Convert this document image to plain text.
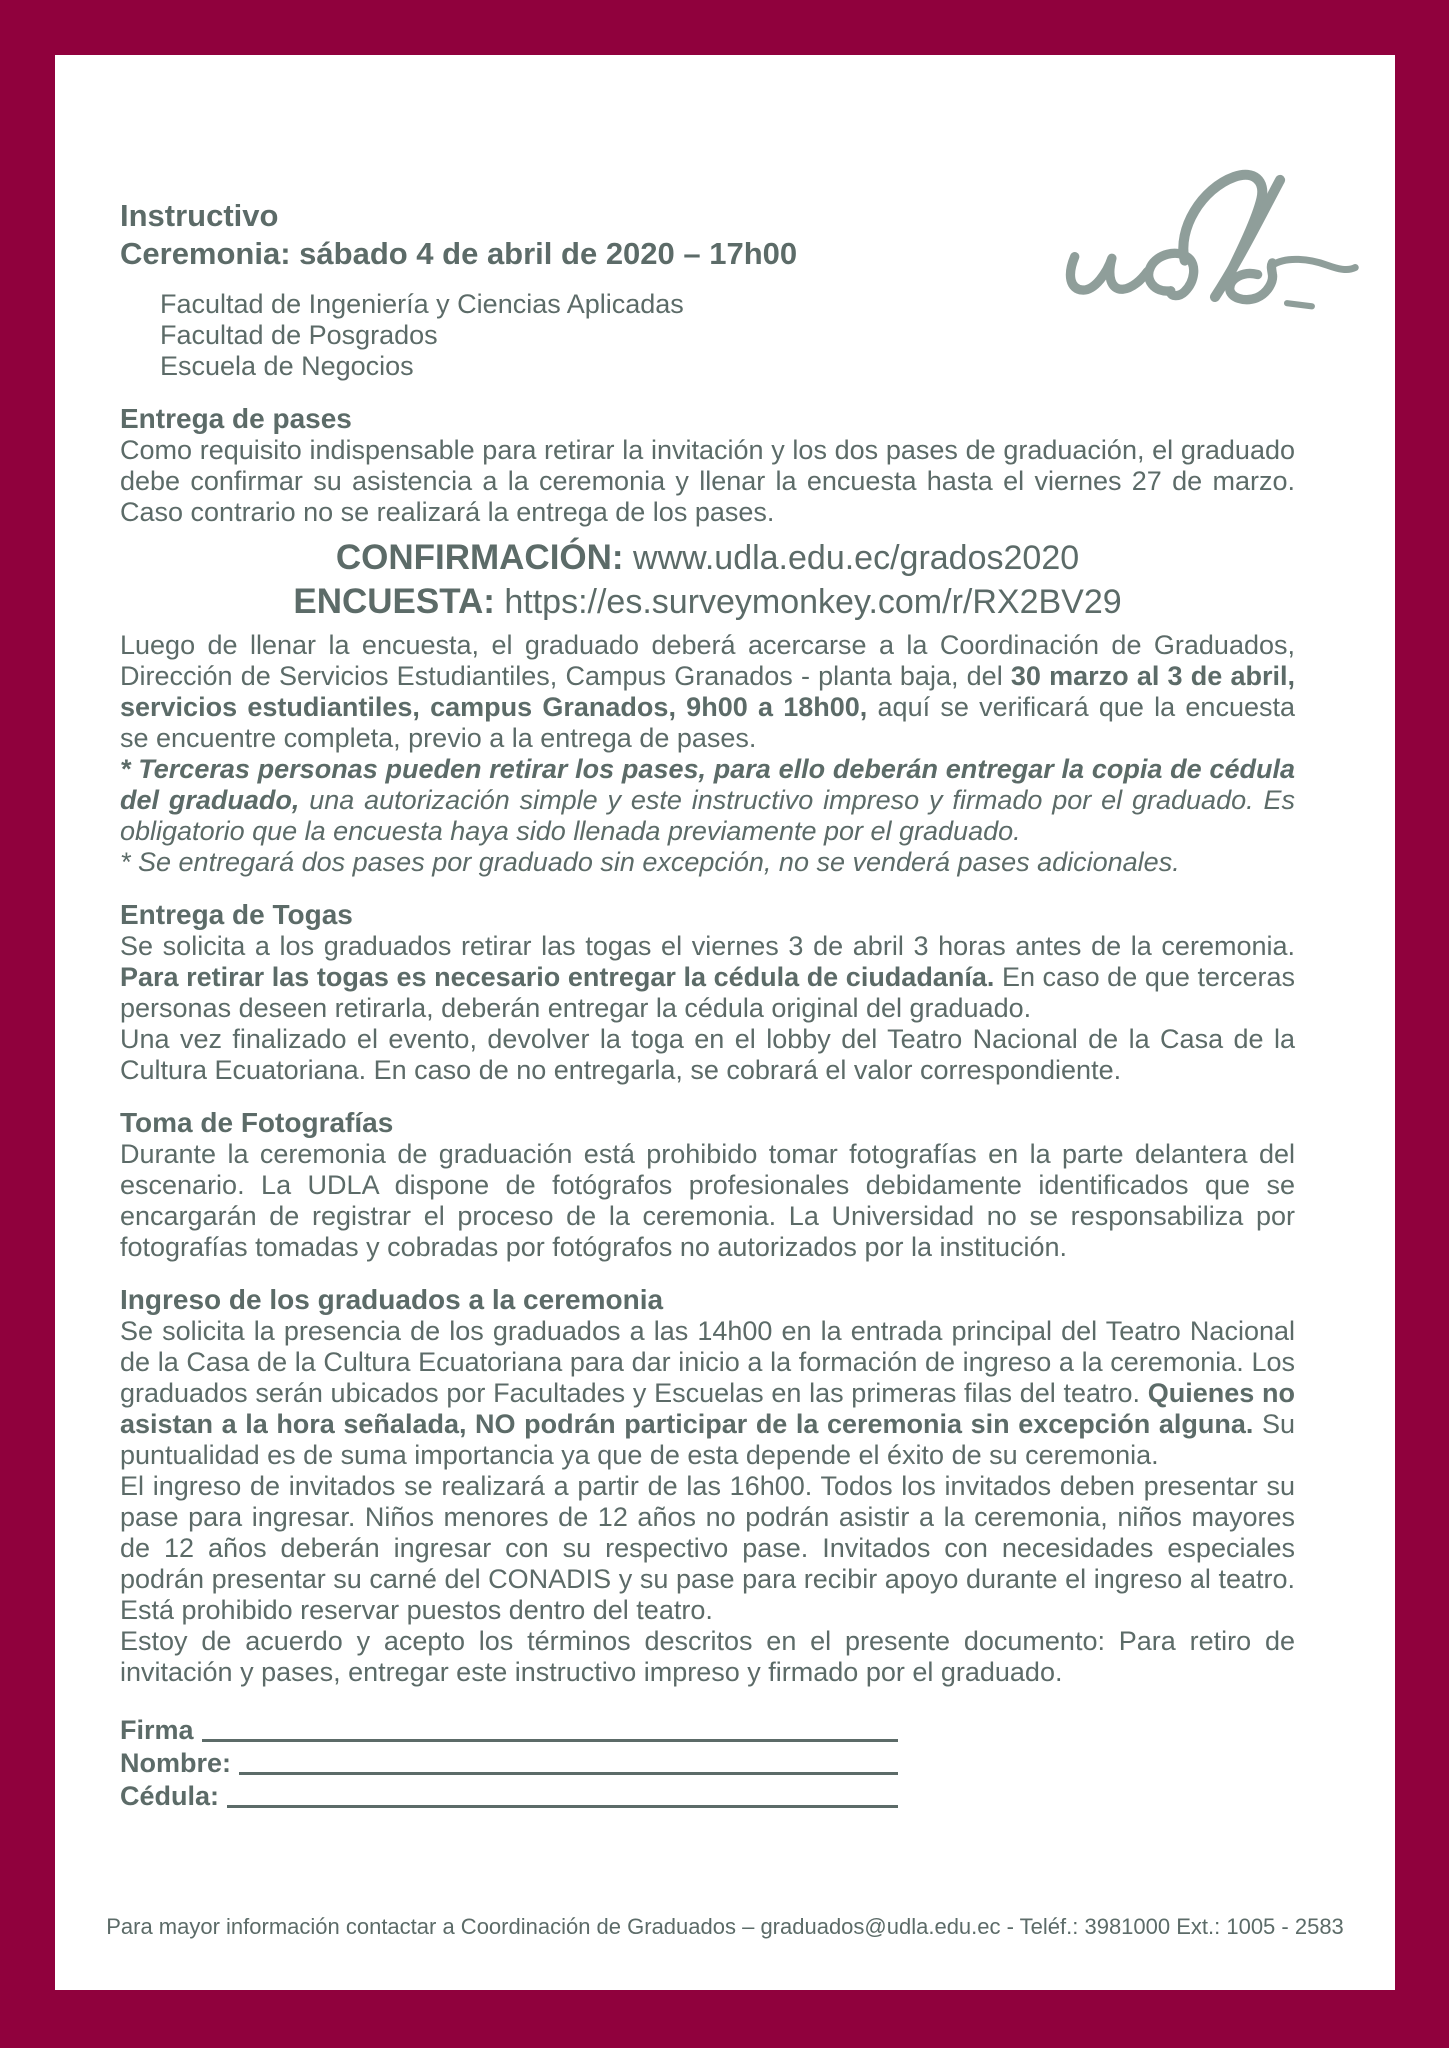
Instructivo
Ceremonia: sábado 4 de abril de 2020 – 17h00
Facultad de Ingeniería y Ciencias Aplicadas
Facultad de Posgrados
Escuela de Negocios
Entrega de pases

Como requisito indispensable para retirar la invitación y los dos pases de graduación, el graduado debe confirmar su asistencia a la ceremonia y llenar la encuesta hasta el viernes 27 de marzo. Caso contrario no se realizará la entrega de los pases.

CONFIRMACIÓN: www.udla.edu.ec/grados2020
ENCUESTA: https://es.surveymonkey.com/r/RX2BV29

Luego de llenar la encuesta, el graduado deberá acercarse a la Coordinación de Graduados, Dirección de Servicios Estudiantiles, Campus Granados - planta baja, del 30 marzo al 3 de abril, servicios estudiantiles, campus Granados, 9h00 a 18h00, aquí se verificará que la encuesta se encuentre completa, previo a la entrega de pases.

* Terceras personas pueden retirar los pases, para ello deberán entregar la copia de cédula del graduado, una autorización simple y este instructivo impreso y firmado por el graduado. Es obligatorio que la encuesta haya sido llenada previamente por el graduado.

* Se entregará dos pases por graduado sin excepción, no se venderá pases adicionales.

Entrega de Togas

Se solicita a los graduados retirar las togas el viernes 3 de abril 3 horas antes de la ceremonia. Para retirar las togas es necesario entregar la cédula de ciudadanía. En caso de que terceras personas deseen retirarla, deberán entregar la cédula original del graduado.

Una vez finalizado el evento, devolver la toga en el lobby del Teatro Nacional de la Casa de la Cultura Ecuatoriana. En caso de no entregarla, se cobrará el valor correspondiente.

Toma de Fotografías

Durante la ceremonia de graduación está prohibido tomar fotografías en la parte delantera del escenario. La UDLA dispone de fotógrafos profesionales debidamente identificados que se encargarán de registrar el proceso de la ceremonia. La Universidad no se responsabiliza por fotografías tomadas y cobradas por fotógrafos no autorizados por la institución.

Ingreso de los graduados a la ceremonia

Se solicita la presencia de los graduados a las 14h00 en la entrada principal del Teatro Nacional de la Casa de la Cultura Ecuatoriana para dar inicio a la formación de ingreso a la ceremonia. Los graduados serán ubicados por Facultades y Escuelas en las primeras filas del teatro. Quienes no asistan a la hora señalada, NO podrán participar de la ceremonia sin excepción alguna. Su puntualidad es de suma importancia ya que de esta depende el éxito de su ceremonia.

El ingreso de invitados se realizará a partir de las 16h00. Todos los invitados deben presentar su pase para ingresar. Niños menores de 12 años no podrán asistir a la ceremonia, niños mayores de 12 años deberán ingresar con su respectivo pase. Invitados con necesidades especiales podrán presentar su carné del CONADIS y su pase para recibir apoyo durante el ingreso al teatro. Está prohibido reservar puestos dentro del teatro.

Estoy de acuerdo y acepto los términos descritos en el presente documento: Para retiro de invitación y pases, entregar este instructivo impreso y firmado por el graduado.

Firma
Nombre:
Cédula:
Para mayor información contactar a Coordinación de Graduados – graduados@udla.edu.ec - Teléf.: 3981000 Ext.: 1005 - 2583
